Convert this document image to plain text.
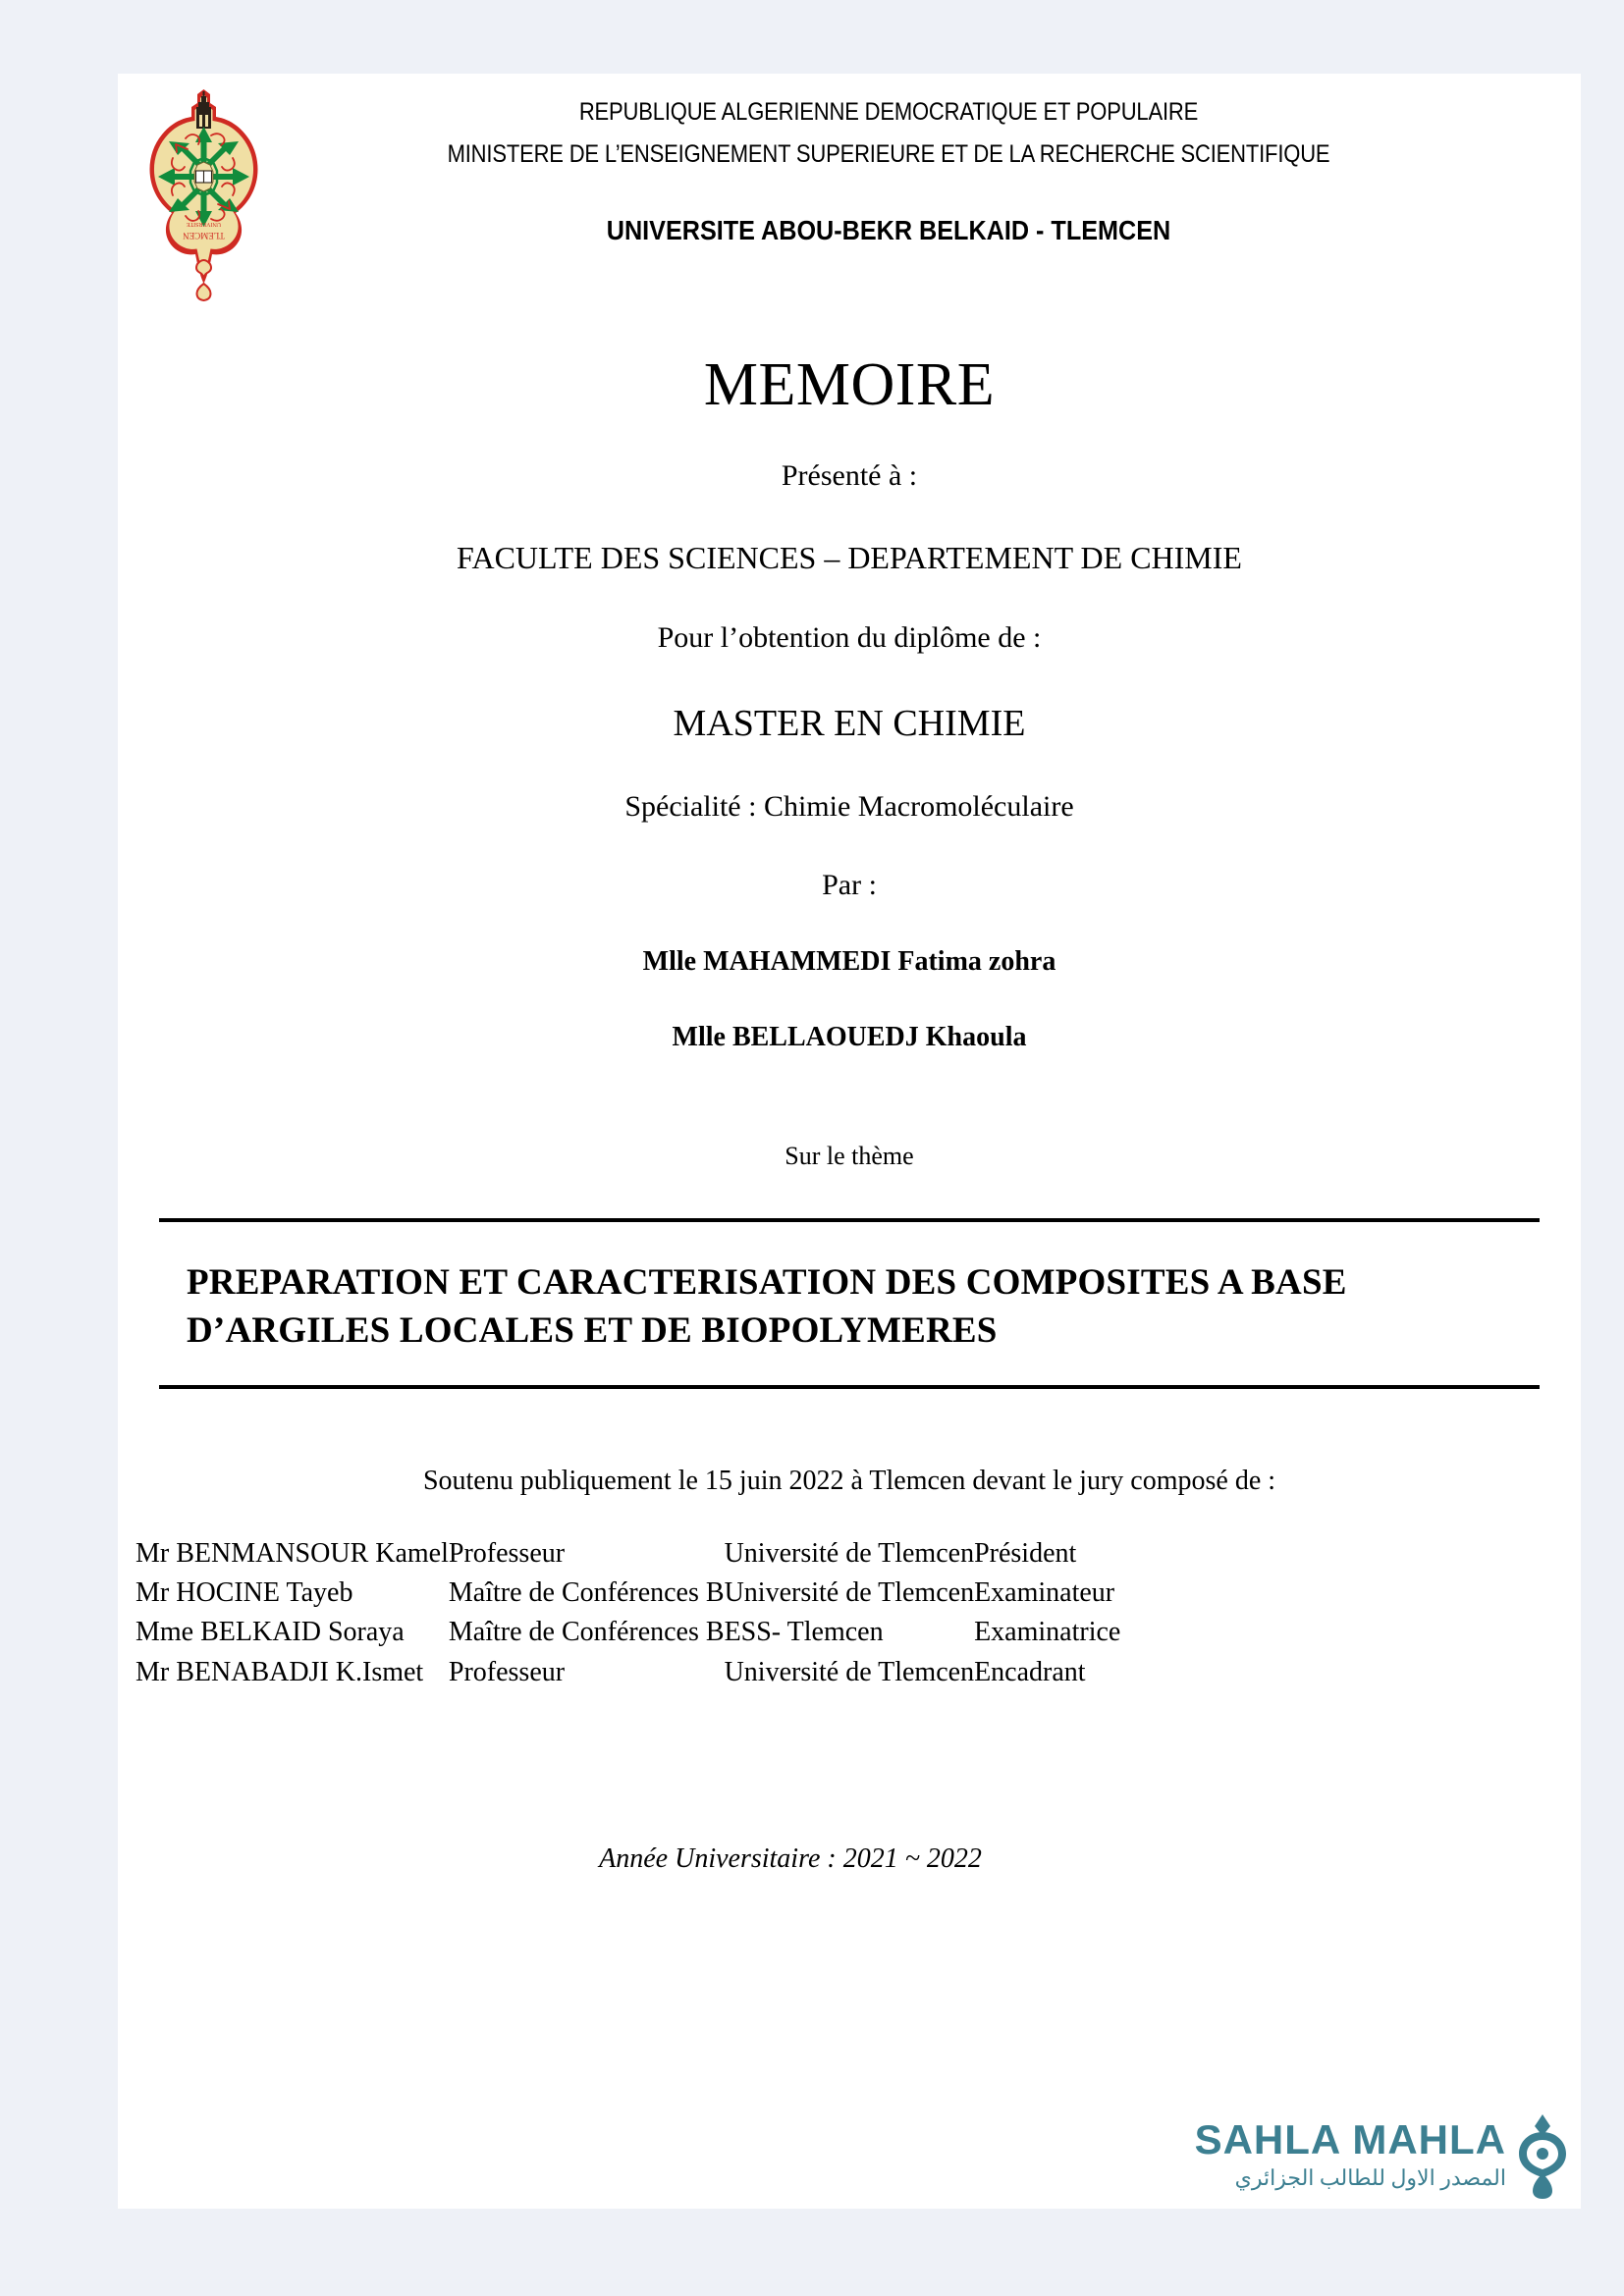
TLEMCEN
UNIVERSITE
REPUBLIQUE ALGERIENNE DEMOCRATIQUE ET POPULAIRE
MINISTERE DE L’ENSEIGNEMENT SUPERIEURE ET DE LA RECHERCHE SCIENTIFIQUE
UNIVERSITE ABOU-BEKR BELKAID - TLEMCEN
MEMOIRE
Présenté à :
FACULTE DES SCIENCES – DEPARTEMENT DE CHIMIE
Pour l’obtention du diplôme de :
MASTER EN CHIMIE
Spécialité : Chimie Macromoléculaire
Par :
Mlle MAHAMMEDI Fatima zohra
Mlle BELLAOUEDJ Khaoula
Sur le thème
PREPARATION ET CARACTERISATION DES COMPOSITES A BASE D’ARGILES LOCALES ET DE BIOPOLYMERES
Soutenu publiquement le 15 juin 2022 à Tlemcen devant le jury composé de :
Mr BENMANSOUR Kamel	Professeur	Université de Tlemcen	Président
Mr HOCINE Tayeb	Maître de Conférences B	Université de Tlemcen	Examinateur
Mme BELKAID Soraya	Maître de Conférences B	ESS- Tlemcen	Examinatrice
Mr BENABADJI K.Ismet	Professeur	Université de Tlemcen	Encadrant
Année Universitaire : 2021 ~ 2022
SAHLA MAHLA
المصدر الاول للطالب الجزائري
